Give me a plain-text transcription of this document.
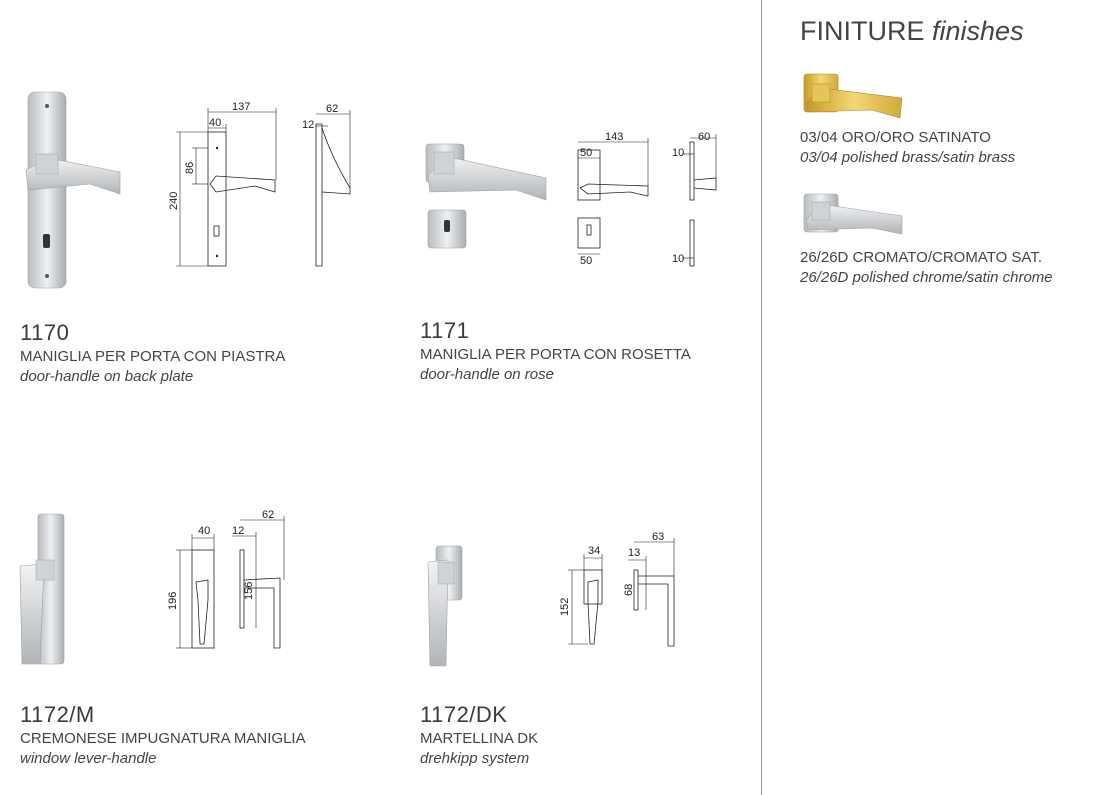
137
40
240
86
62
12
1170
MANIGLIA PER PORTA CON PIASTRA
door-handle on back plate
143
50
50
60
10
10
1171
MANIGLIA PER PORTA CON ROSETTA
door-handle on rose
40
196
62
12
156
1172/M
CREMONESE IMPUGNATURA MANIGLIA
window lever-handle
34
152
63
13
68
1172/DK
MARTELLINA DK
drehkipp system
FINITURE finishes
03/04 ORO/ORO SATINATO
03/04 polished brass/satin brass
26/26D CROMATO/CROMATO SAT.
26/26D polished chrome/satin chrome
